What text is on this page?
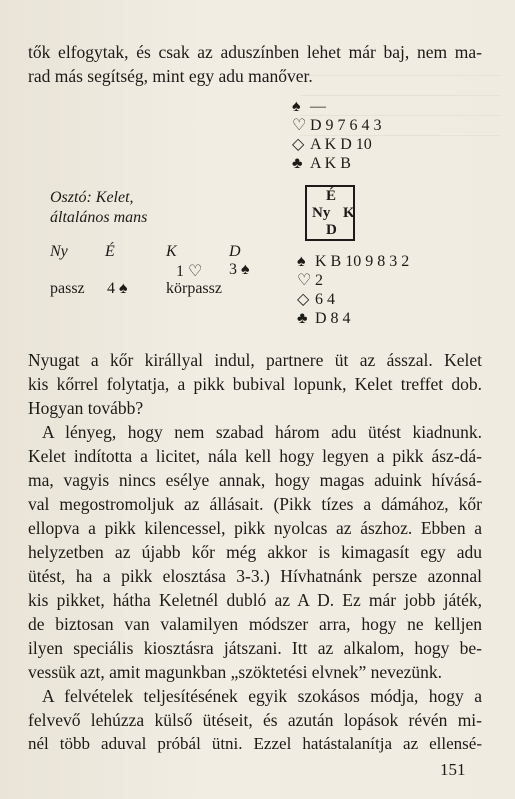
tők elfogytak, és csak az aduszínben lehet már baj, nem ma-
rad más segítség, mint egy adu manőver.
♠ —
♡ D 9 7 6 4 3
◇ A K D 10
♣ A K B
Osztó: Kelet,
általános mans
É
Ny K
D
Ny É	K	D
1 ♡ 3 ♠
passz 4 ♠ körpassz
♠ K B 10 9 8 3 2
♡ 2
◇ 6 4
♣ D 8 4
Nyugat a kőr királlyal indul, partnere üt az ásszal. Kelet
kis kőrrel folytatja, a pikk bubival lopunk, Kelet treffet dob.
Hogyan tovább?
A lényeg, hogy nem szabad három adu ütést kiadnunk.
Kelet indította a licitet, nála kell hogy legyen a pikk ász-dá-
ma, vagyis nincs esélye annak, hogy magas aduink hívásá-
val megostromoljuk az állásait. (Pikk tízes a dámához, kőr
ellopva a pikk kilencessel, pikk nyolcas az ászhoz. Ebben a
helyzetben az újabb kőr még akkor is kimagasít egy adu
ütést, ha a pikk elosztása 3-3.) Hívhatnánk persze azonnal
kis pikket, hátha Keletnél dubló az A D. Ez már jobb játék,
de biztosan van valamilyen módszer arra, hogy ne kelljen
ilyen speciális kiosztásra játszani. Itt az alkalom, hogy be-
vessük azt, amit magunkban „szöktetési elvnek” nevezünk.
A felvételek teljesítésének egyik szokásos módja, hogy a
felvevő lehúzza külső ütéseit, és azután lopások révén mi-
nél több aduval próbál ütni. Ezzel hatástalanítja az ellensé-
151
